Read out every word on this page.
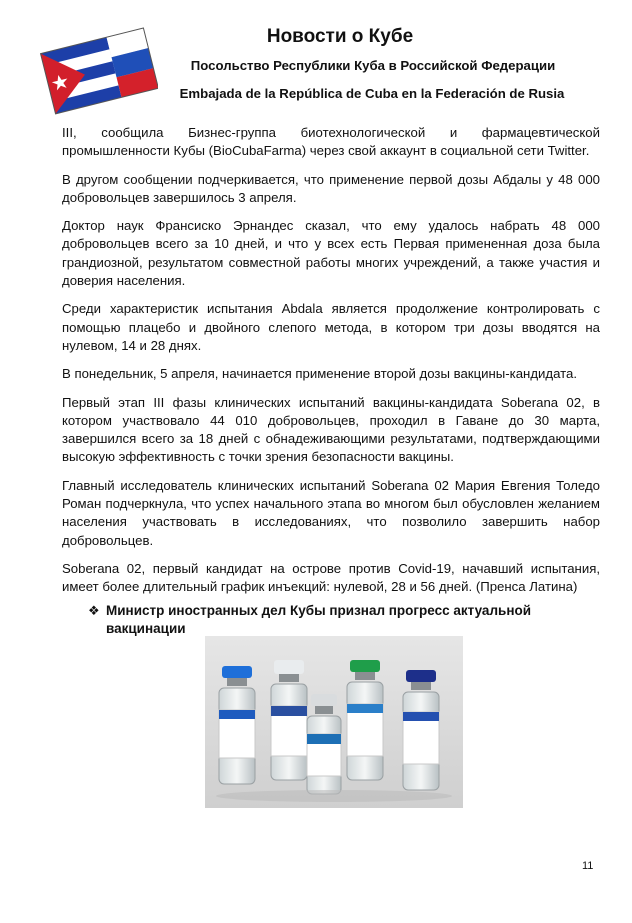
Новости о Кубе

Посольство Республики Куба в Российской Федерации

Embajada de la República de Cuba en la Federación de Rusia

III, сообщила Бизнес-группа биотехнологической и фармацевтической промышленности Кубы (BioCubaFarma) через свой аккаунт в социальной сети Twitter.

В другом сообщении подчеркивается, что применение первой дозы Абдалы у 48 000 добровольцев завершилось 3 апреля.

Доктор наук Франсиско Эрнандес сказал, что ему удалось набрать 48 000 добровольцев всего за 10 дней, и что у всех есть Первая примененная доза была грандиозной, результатом совместной работы многих учреждений, а также участия и доверия населения.

Среди характеристик испытания Abdala является продолжение контролировать с помощью плацебо и двойного слепого метода, в котором три дозы вводятся на нулевом, 14 и 28 днях.

В понедельник, 5 апреля, начинается применение второй дозы вакцины-кандидата.

Первый этап III фазы клинических испытаний вакцины-кандидата Soberana 02, в котором участвовало 44 010 добровольцев, проходил в Гаване до 30 марта, завершился всего за 18 дней с обнадеживающими результатами, подтверждающими высокую эффективность с точки зрения безопасности вакцины.

Главный исследователь клинических испытаний Soberana 02 Мария Евгения Толедо Роман подчеркнула, что успех начального этапа во многом был обусловлен желанием населения участвовать в исследованиях, что позволило завершить набор добровольцев.

Soberana 02, первый кандидат на острове против Covid-19, начавший испытания, имеет более длительный график инъекций: нулевой, 28 и 56 дней. (Пренса Латина)

❖ Министр иностранных дел Кубы признал прогресс актуальной вакцинации
11
